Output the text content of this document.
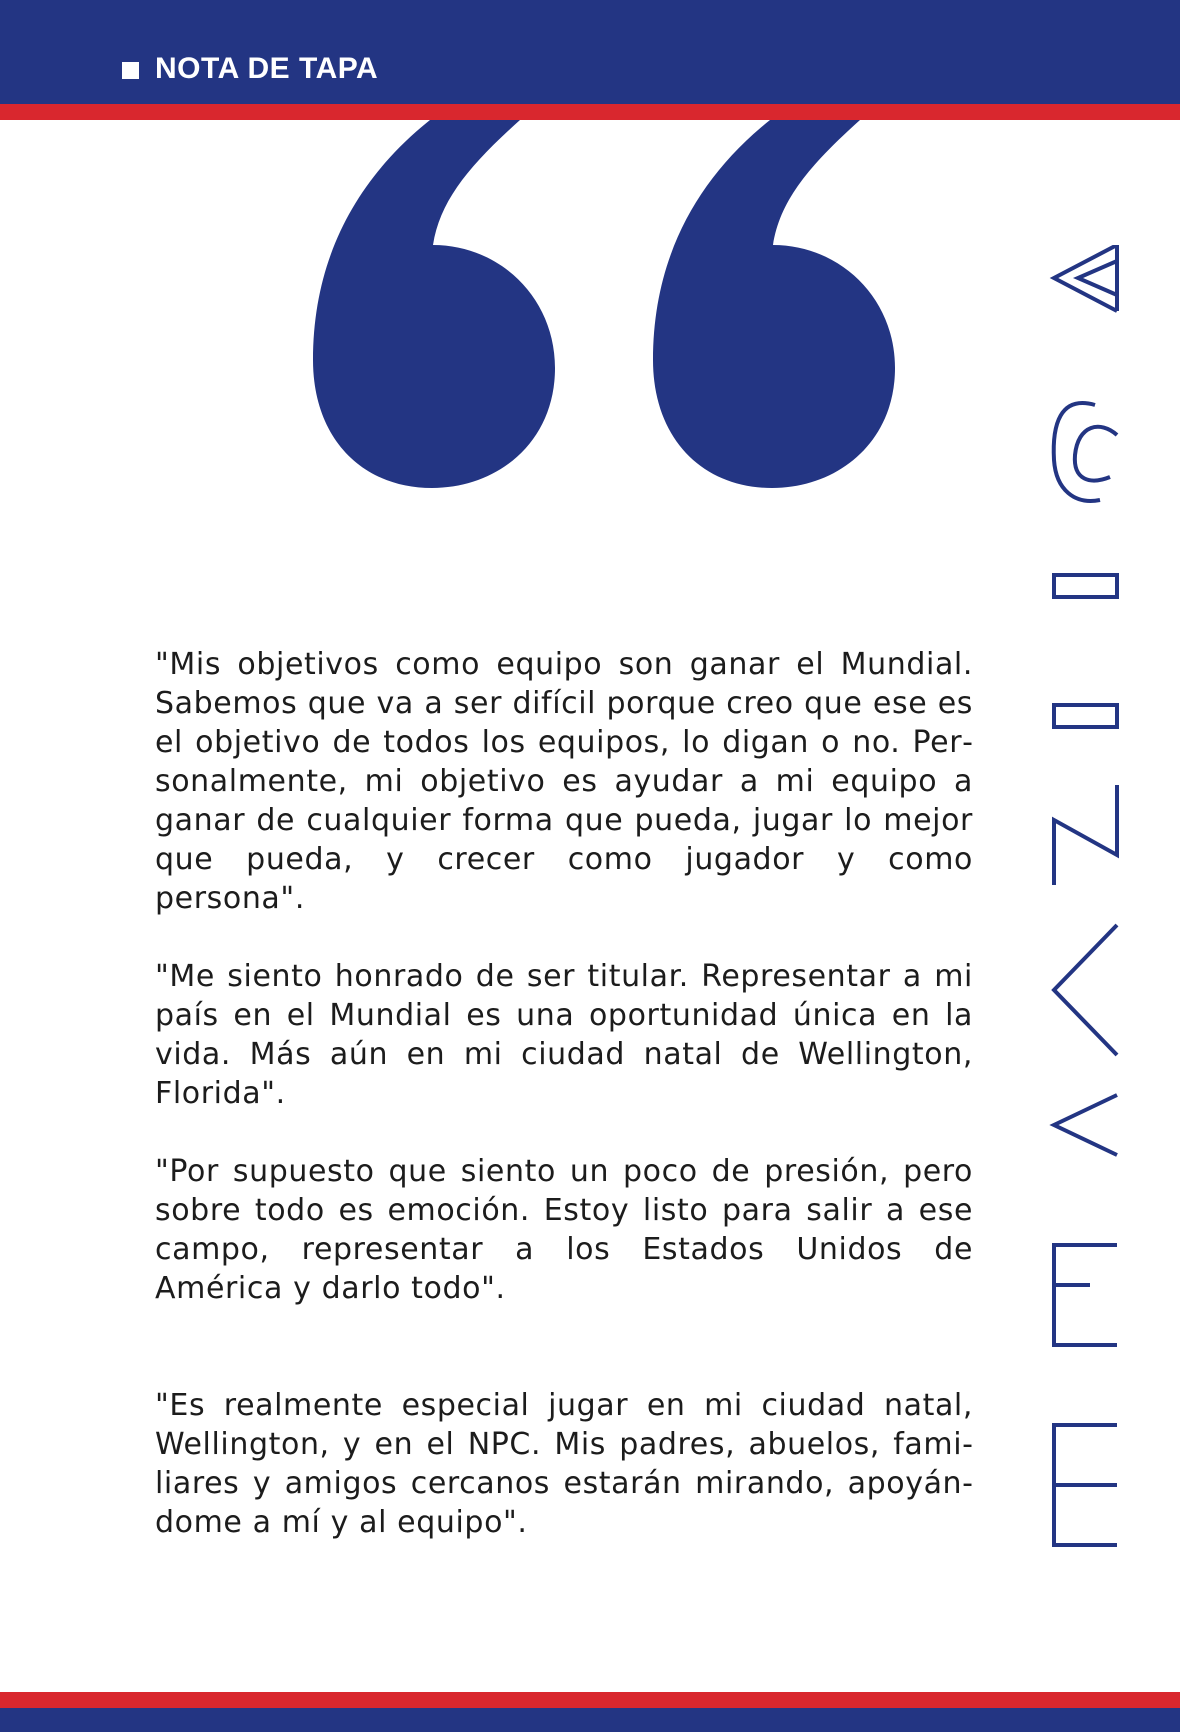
NOTA DE TAPA

"Mis objetivos como equipo son ganar el Mundial. Sabemos que va a ser difícil porque creo que ese es el objetivo de todos los equipos, lo digan o no. Personalmente, mi objetivo es ayudar a mi equipo a ganar de cualquier forma que pueda, jugar lo mejor que pueda, y crecer como jugador y como persona".

"Me siento honrado de ser titular. Representar a mi país en el Mundial es una oportunidad única en la vida. Más aún en mi ciudad natal de Wellington, Florida".

"Por supuesto que siento un poco de presión, pero sobre todo es emoción. Estoy listo para salir a ese campo, representar a los Estados Unidos de América y darlo todo".

"Es realmente especial jugar en mi ciudad natal, Wellington, y en el NPC. Mis padres, abuelos, familiares y amigos cercanos estarán mirando, apoyándome a mí y al equipo".
